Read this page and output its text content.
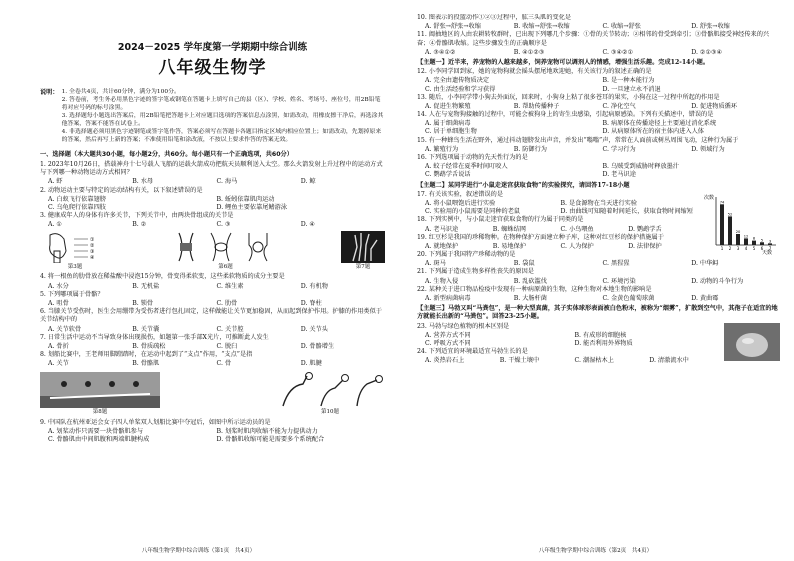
2024－2025 学年度第一学期期中综合训练
八年级生物学
说明： 1. 全卷共4页，共计60分钟，满分为100分。
2. 答卷前，考生务必用黑色字迹的签字笔或钢笔在答题卡上填写自己的县（区）、学校、姓名、考场号、座位号，用2B铅笔将对应号码的标号涂黑。
3. 选择题每小题选出答案后，用2B铅笔把答题卡上对应题目选项的答案信息点涂黑，如需改动，用橡皮擦干净后，再选涂其他答案，答案不能答在试卷上。
4. 非选择题必须用黑色字迹钢笔或签字笔作答，答案必须写在答题卡各题目指定区域内相应位置上；如需改动，先划掉原来的答案，然后再写上新的答案；不准使用铅笔和涂改液，不按以上要求作答的答案无效。
一、选择题（本大题共30小题，每小题2分，共60分。每小题只有一个正确选项，共60分）
1. 2023年10月26日，搭载神舟十七号载人飞船的运载火箭成功把航天员顺利送入太空。那么火箭发射上升过程中的运动方式与下列哪一种动物运动方式相同？
A. 虾	B. 水母	C. 海马	D. 鲸
2. 动物运动主要与特定的运动结构有关，以下叙述错误的是
A. 白蚁飞行依靠翅膀	B. 蚯蚓依靠肌肉运动
C. 乌龟爬行依靠四肢	D. 鲤鱼主要依靠尾鳍游泳
3. 健康成年人的身体有许多关节，下列关节中，由两块骨组成的关节是
A. ①	B. ②	C. ③	D. ④
①
②
③
④
第3题	第6题	第7题
4. 将一根鱼的肋骨放在稀盐酸中浸泡15分钟，骨变得柔软变，这些柔软物质的成分主要是
A. 水分	B. 无机盐	C. 维生素	D. 有机物
5. 下列哪项属于骨骼？
A. 咀骨	B. 锁骨	C. 肋骨	D. 脊柱
6. 当膝关节受伤时，医生会用绷带为受伤者进行包扎固定，这样做能让关节更加稳固，从而起到保护作用。护膝的作用类似于关节结构中的
A. 关节软骨	B. 关节囊	C. 关节腔	D. 关节头
7. 日常生活中运动不当导致身体出现损伤，如题第一张手部X光片，可推断此人发生
A. 骨折	B. 骨质疏松	C. 脱臼	D. 骨骼增生
8. 划船比赛中，王老师用脚蹬踏时，在运动中起到了“支点”作用，“支点”是指
A. 关节	B. 骨骼肌	C. 骨	D. 肌腱
第8题	第10题
9. 中国队在杭州亚运会女子四人单桨双人划船比赛中夺冠后，如图中所示运动员的是
A. 划桨动作只需要一块骨骼肌参与	B. 划桨时肌肉收缩不能为力提供动力
C. 骨骼肌由中间肌腹和两端肌腱构成	D. 骨骼肌收缩可能是需要多个系统配合
八年级生物学期中综合训练（第1页　共4页）
10. 图表示的投篮动作①②③过程中，肱三头肌的变化是
A. 舒张→舒张→收缩	B. 收缩→舒张→收缩	C. 收缩→舒张	D. 舒张→收缩
11. 阖抽地区的人由农耕转牧群时，已出现下列哪几个步骤：①骨的关节转动；②相邻的骨受到牵引；③骨骼肌接受神经传来的兴奋；④骨骼肌收缩。这些步骤发生的正确顺序是
A. ③④①②	B. ④①②③	C. ③④②①	D. ②①③④
【主题一】近半来，养宠物的人越来越多，饲养宠物可以调剂人的情感，增强生活乐趣。完成12-14小题。
12. 小李同学回到家，她的宠物狗就会摇头摆尾地欢迎她，有关该行为的叙述正确的是
A. 完全由遗传物质决定	B. 是一种本能行为
C. 由生活经验和学习获得	D. 一旦建立永不消退
13. 随后，小李同学带小狗去外面玩，回来时，小狗身上粘了很多苍耳的果实，小狗在这一过程中所起的作用是
A. 促进生物繁殖	B. 帮助传播种子	C. 净化空气	D. 促进物质循环
14. 人在与宠物狗接触的过程中，可能会被狗身上的寄生虫感染，引起病原感染。下列有关描述中，错误的是
A. 属于细菌病毒	B. 病原体在传播途径上主要通过消化系统
C. 居于单细胞生物	D. 从病原体所在的宿主体内进入人体
15. 有一种蜂鸟生活在野外，通过抖动翅膀发出声音，并发出“嗡嗡”声，常常在人面前或树丛周围飞动，这种行为属于
A. 繁殖行为	B. 防御行为	C. 学习行为	D. 领域行为
16. 下列选项属于动物的先天性行为的是
A. 蚊子经常在夏季时间叮咬人	B. 乌贼受到威胁时释放墨汁
C. 鹦鹉学舌说话	D. 老马识途
【主题二】某同学进行“小鼠走迷宫获取食物”的实验探究，请回答17-18小题
次数
天数
74
1
52
2
20
3
12
4
8
5
5
6
3
7
17. 有关该实验，叙述错误的是
A. 将小鼠喂饱后进行实验	B. 是食源物在当天进行实验
C. 实验用的小鼠需要是同种的老鼠	D. 由曲线可知随着时间延长，获取食物时间缩短
18. 下列实例中，与小鼠走迷宫获取食物的行为属于同类的是
A. 老马识途	B. 蜘蛛结网	C. 小鸟喂鱼	D. 鹦鹉学舌
19. 红豆杉是我国的珍稀物种。在物种保护方面建立种子库，这种对红豆杉的保护措施属于
A. 就地保护	B. 易地保护	C. 人为保护	D. 法律保护
20. 下列属于我国特产珍稀动物的是
A. 斑马	B. 袋鼠	C. 黑猩猩	D. 中华鲟
21. 下列属于造成生物多样性丧失的原因是
A. 生物入侵	B. 乱砍滥伐	C. 环境污染	D. 动物的斗争行为
22. 某种关于进口物品检疫中发现有一种病原菌的生物，这种生物对本地生物的影响是
A. 新型病菌病毒	B. 大肠杆菌	C. 金黄色葡萄球菌	D. 黄曲霉
【主题三】马勃又叫“马粪包”，是一种大型真菌，其子实体球形表面被白色粉末，被称为“烟雾”，扩散到空气中，其孢子在适宜的地方就能长出新的“马粪包”。回答23-25小题。
23. 马勃与绿色植物的根本区别是
A. 营养方式不同	B. 有成形的细胞核
C. 呼吸方式不同	D. 能否利用外界物质
24. 下列适宜的环境最适宜马勃生长的是
A. 炎热岩石上	B. 干燥土壤中	C. 潮湿枯木上	D. 清澈流水中
八年级生物学期中综合训练（第2页　共4页）
